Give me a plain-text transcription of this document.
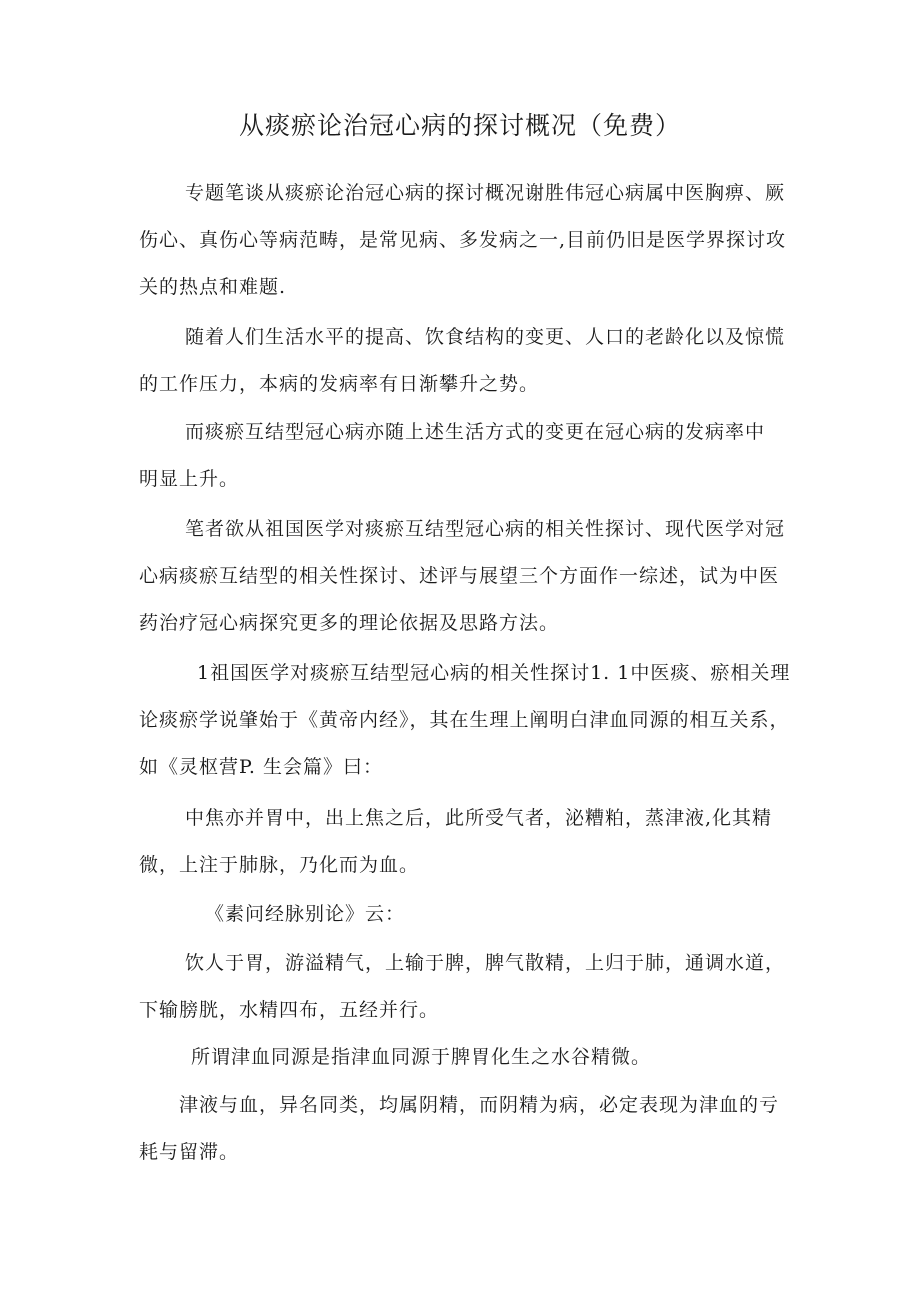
从痰瘀论治冠心病的探讨概况（免费）

专题笔谈从痰瘀论治冠心病的探讨概况谢胜伟冠心病属中医胸痹、厥
伤心、真伤心等病范畴，是常见病、多发病之一,目前仍旧是医学界探讨攻
关的热点和难题.

随着人们生活水平的提高、饮食结构的变更、人口的老龄化以及惊慌
的工作压力，本病的发病率有日渐攀升之势。

而痰瘀互结型冠心病亦随上述生活方式的变更在冠心病的发病率中
明显上升。

笔者欲从祖国医学对痰瘀互结型冠心病的相关性探讨、现代医学对冠
心病痰瘀互结型的相关性探讨、述评与展望三个方面作一综述，试为中医
药治疗冠心病探究更多的理论依据及思路方法。

1祖国医学对痰瘀互结型冠心病的相关性探讨1. 1中医痰、瘀相关理
论痰瘀学说肇始于《黄帝内经》，其在生理上阐明白津血同源的相互关系，
如《灵枢营P. 生会篇》曰：

中焦亦并胃中，出上焦之后，此所受气者，泌糟粕，蒸津液,化其精
微，上注于肺脉，乃化而为血。

《素问经脉别论》云：

饮人于胃，游溢精气，上输于脾，脾气散精，上归于肺，通调水道，
下输膀胱，水精四布，五经并行。

所谓津血同源是指津血同源于脾胃化生之水谷精微。

津液与血，异名同类，均属阴精，而阴精为病，必定表现为津血的亏
耗与留滞。
